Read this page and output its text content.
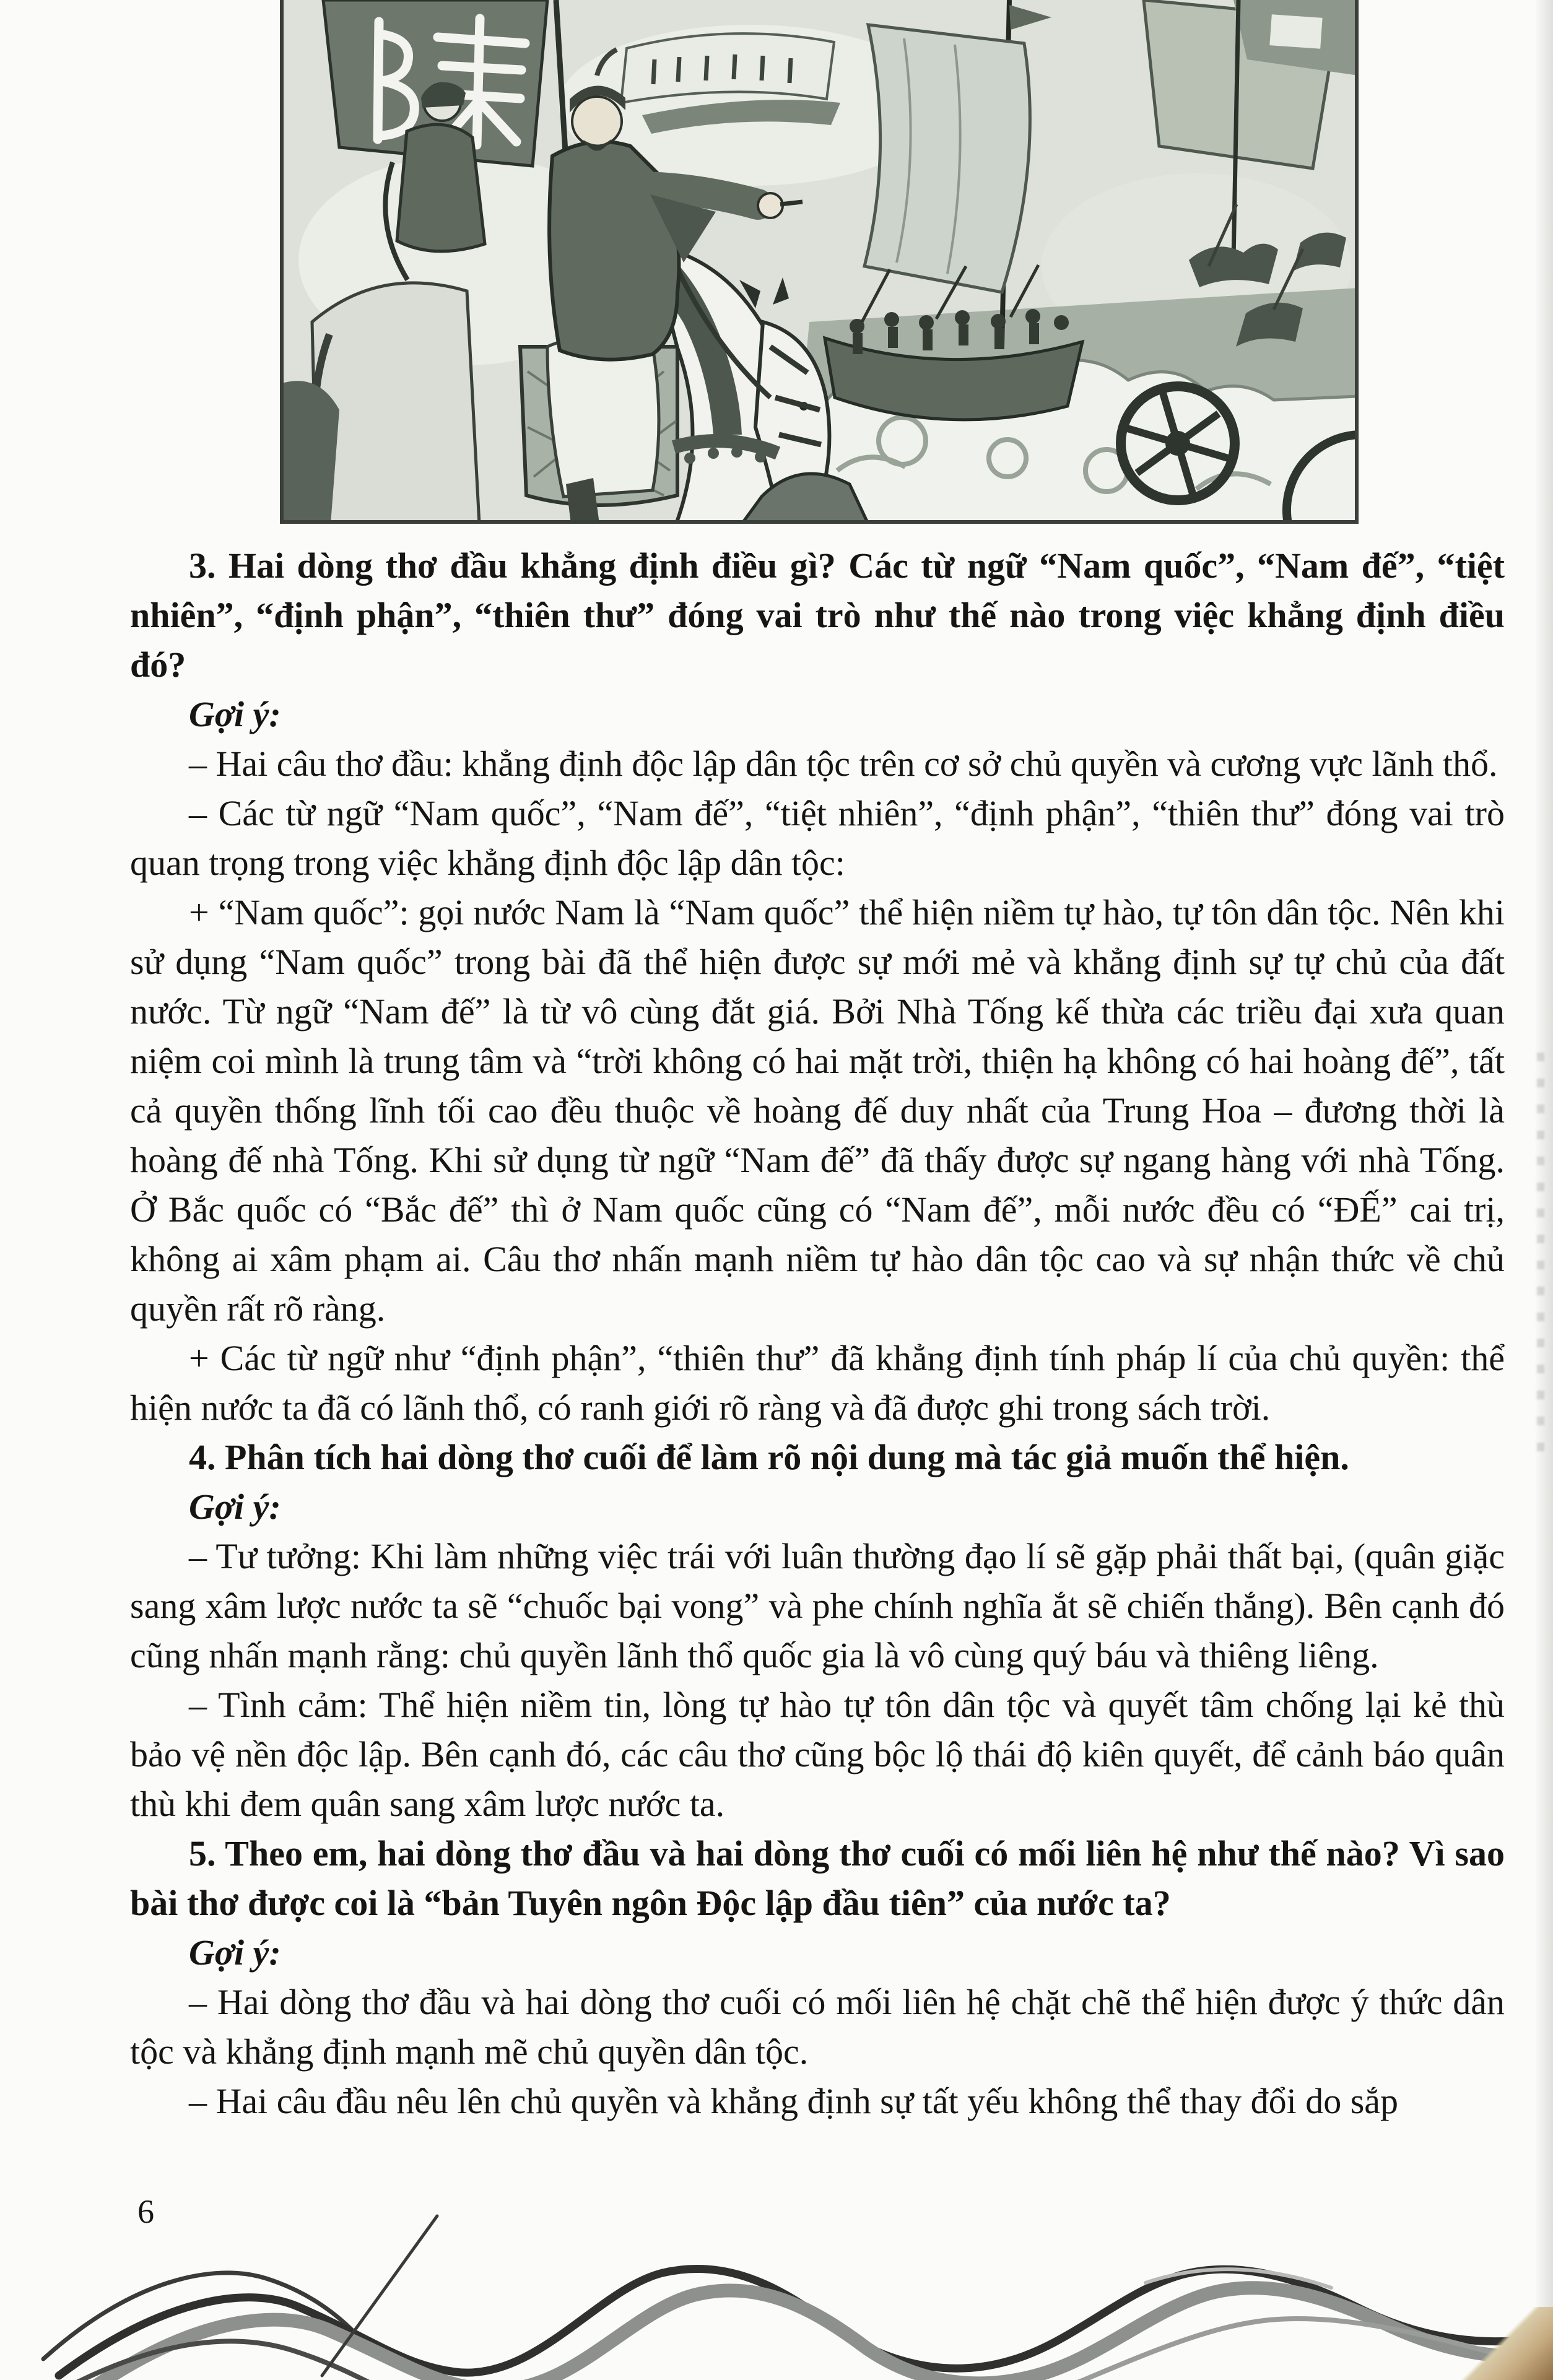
3. Hai dòng thơ đầu khẳng định điều gì? Các từ ngữ “Nam quốc”, “Nam đế”, “tiệt nhiên”, “định phận”, “thiên thư” đóng vai trò như thế nào trong việc khẳng định điều đó?

Gợi ý:

– Hai câu thơ đầu: khẳng định độc lập dân tộc trên cơ sở chủ quyền và cương vực lãnh thổ.

– Các từ ngữ “Nam quốc”, “Nam đế”, “tiệt nhiên”, “định phận”, “thiên thư” đóng vai trò quan trọng trong việc khẳng định độc lập dân tộc:

+ “Nam quốc”: gọi nước Nam là “Nam quốc” thể hiện niềm tự hào, tự tôn dân tộc. Nên khi sử dụng “Nam quốc” trong bài đã thể hiện được sự mới mẻ và khẳng định sự tự chủ của đất nước. Từ ngữ “Nam đế” là từ vô cùng đắt giá. Bởi Nhà Tống kế thừa các triều đại xưa quan niệm coi mình là trung tâm và “trời không có hai mặt trời, thiện hạ không có hai hoàng đế”, tất cả quyền thống lĩnh tối cao đều thuộc về hoàng đế duy nhất của Trung Hoa – đương thời là hoàng đế nhà Tống. Khi sử dụng từ ngữ “Nam đế” đã thấy được sự ngang hàng với nhà Tống. Ở Bắc quốc có “Bắc đế” thì ở Nam quốc cũng có “Nam đế”, mỗi nước đều có “ĐẾ” cai trị, không ai xâm phạm ai. Câu thơ nhấn mạnh niềm tự hào dân tộc cao và sự nhận thức về chủ quyền rất rõ ràng.

+ Các từ ngữ như “định phận”, “thiên thư” đã khẳng định tính pháp lí của chủ quyền: thể hiện nước ta đã có lãnh thổ, có ranh giới rõ ràng và đã được ghi trong sách trời.

4. Phân tích hai dòng thơ cuối để làm rõ nội dung mà tác giả muốn thể hiện.

Gợi ý:

– Tư tưởng: Khi làm những việc trái với luân thường đạo lí sẽ gặp phải thất bại, (quân giặc sang xâm lược nước ta sẽ “chuốc bại vong” và phe chính nghĩa ắt sẽ chiến thắng). Bên cạnh đó cũng nhấn mạnh rằng: chủ quyền lãnh thổ quốc gia là vô cùng quý báu và thiêng liêng.

– Tình cảm: Thể hiện niềm tin, lòng tự hào tự tôn dân tộc và quyết tâm chống lại kẻ thù bảo vệ nền độc lập. Bên cạnh đó, các câu thơ cũng bộc lộ thái độ kiên quyết, để cảnh báo quân thù khi đem quân sang xâm lược nước ta.

5. Theo em, hai dòng thơ đầu và hai dòng thơ cuối có mối liên hệ như thế nào? Vì sao bài thơ được coi là “bản Tuyên ngôn Độc lập đầu tiên” của nước ta?

Gợi ý:

– Hai dòng thơ đầu và hai dòng thơ cuối có mối liên hệ chặt chẽ thể hiện được ý thức dân tộc và khẳng định mạnh mẽ chủ quyền dân tộc.

– Hai câu đầu nêu lên chủ quyền và khẳng định sự tất yếu không thể thay đổi do sắp

6
